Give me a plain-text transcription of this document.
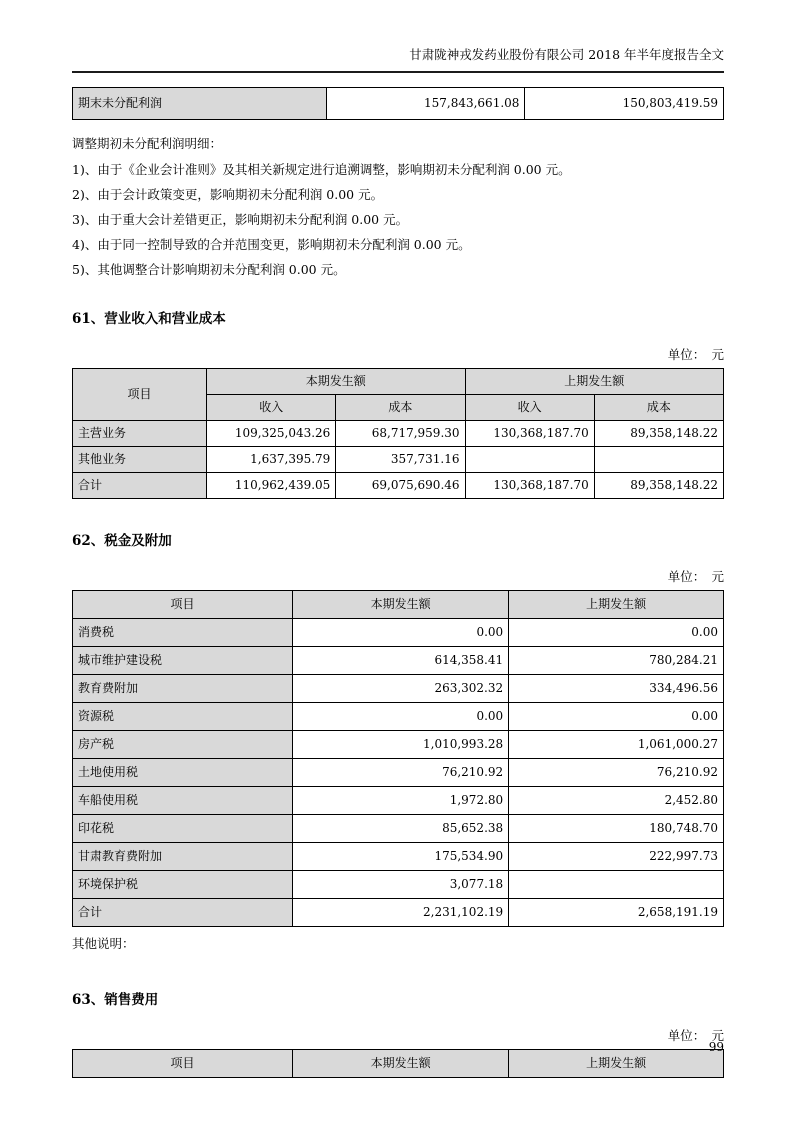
甘肃陇神戎发药业股份有限公司 2018 年半年度报告全文
期末未分配利润	157,843,661.08	150,803,419.59
调整期初未分配利润明细：
1)、由于《企业会计准则》及其相关新规定进行追溯调整，影响期初未分配利润 0.00 元。
2)、由于会计政策变更，影响期初未分配利润 0.00 元。
3)、由于重大会计差错更正，影响期初未分配利润 0.00 元。
4)、由于同一控制导致的合并范围变更，影响期初未分配利润 0.00 元。
5)、其他调整合计影响期初未分配利润 0.00 元。
61、营业收入和营业成本
单位：　元
项目	本期发生额		上期发生额	
	收入	成本	收入	成本
主营业务	109,325,043.26	68,717,959.30	130,368,187.70	89,358,148.22
其他业务	1,637,395.79	357,731.16		
合计	110,962,439.05	69,075,690.46	130,368,187.70	89,358,148.22
62、税金及附加
单位：　元
项目	本期发生额	上期发生额
消费税	0.00	0.00
城市维护建设税	614,358.41	780,284.21
教育费附加	263,302.32	334,496.56
资源税	0.00	0.00
房产税	1,010,993.28	1,061,000.27
土地使用税	76,210.92	76,210.92
车船使用税	1,972.80	2,452.80
印花税	85,652.38	180,748.70
甘肃教育费附加	175,534.90	222,997.73
环境保护税	3,077.18	
合计	2,231,102.19	2,658,191.19
其他说明：
63、销售费用
单位：　元
项目	本期发生额	上期发生额
99
